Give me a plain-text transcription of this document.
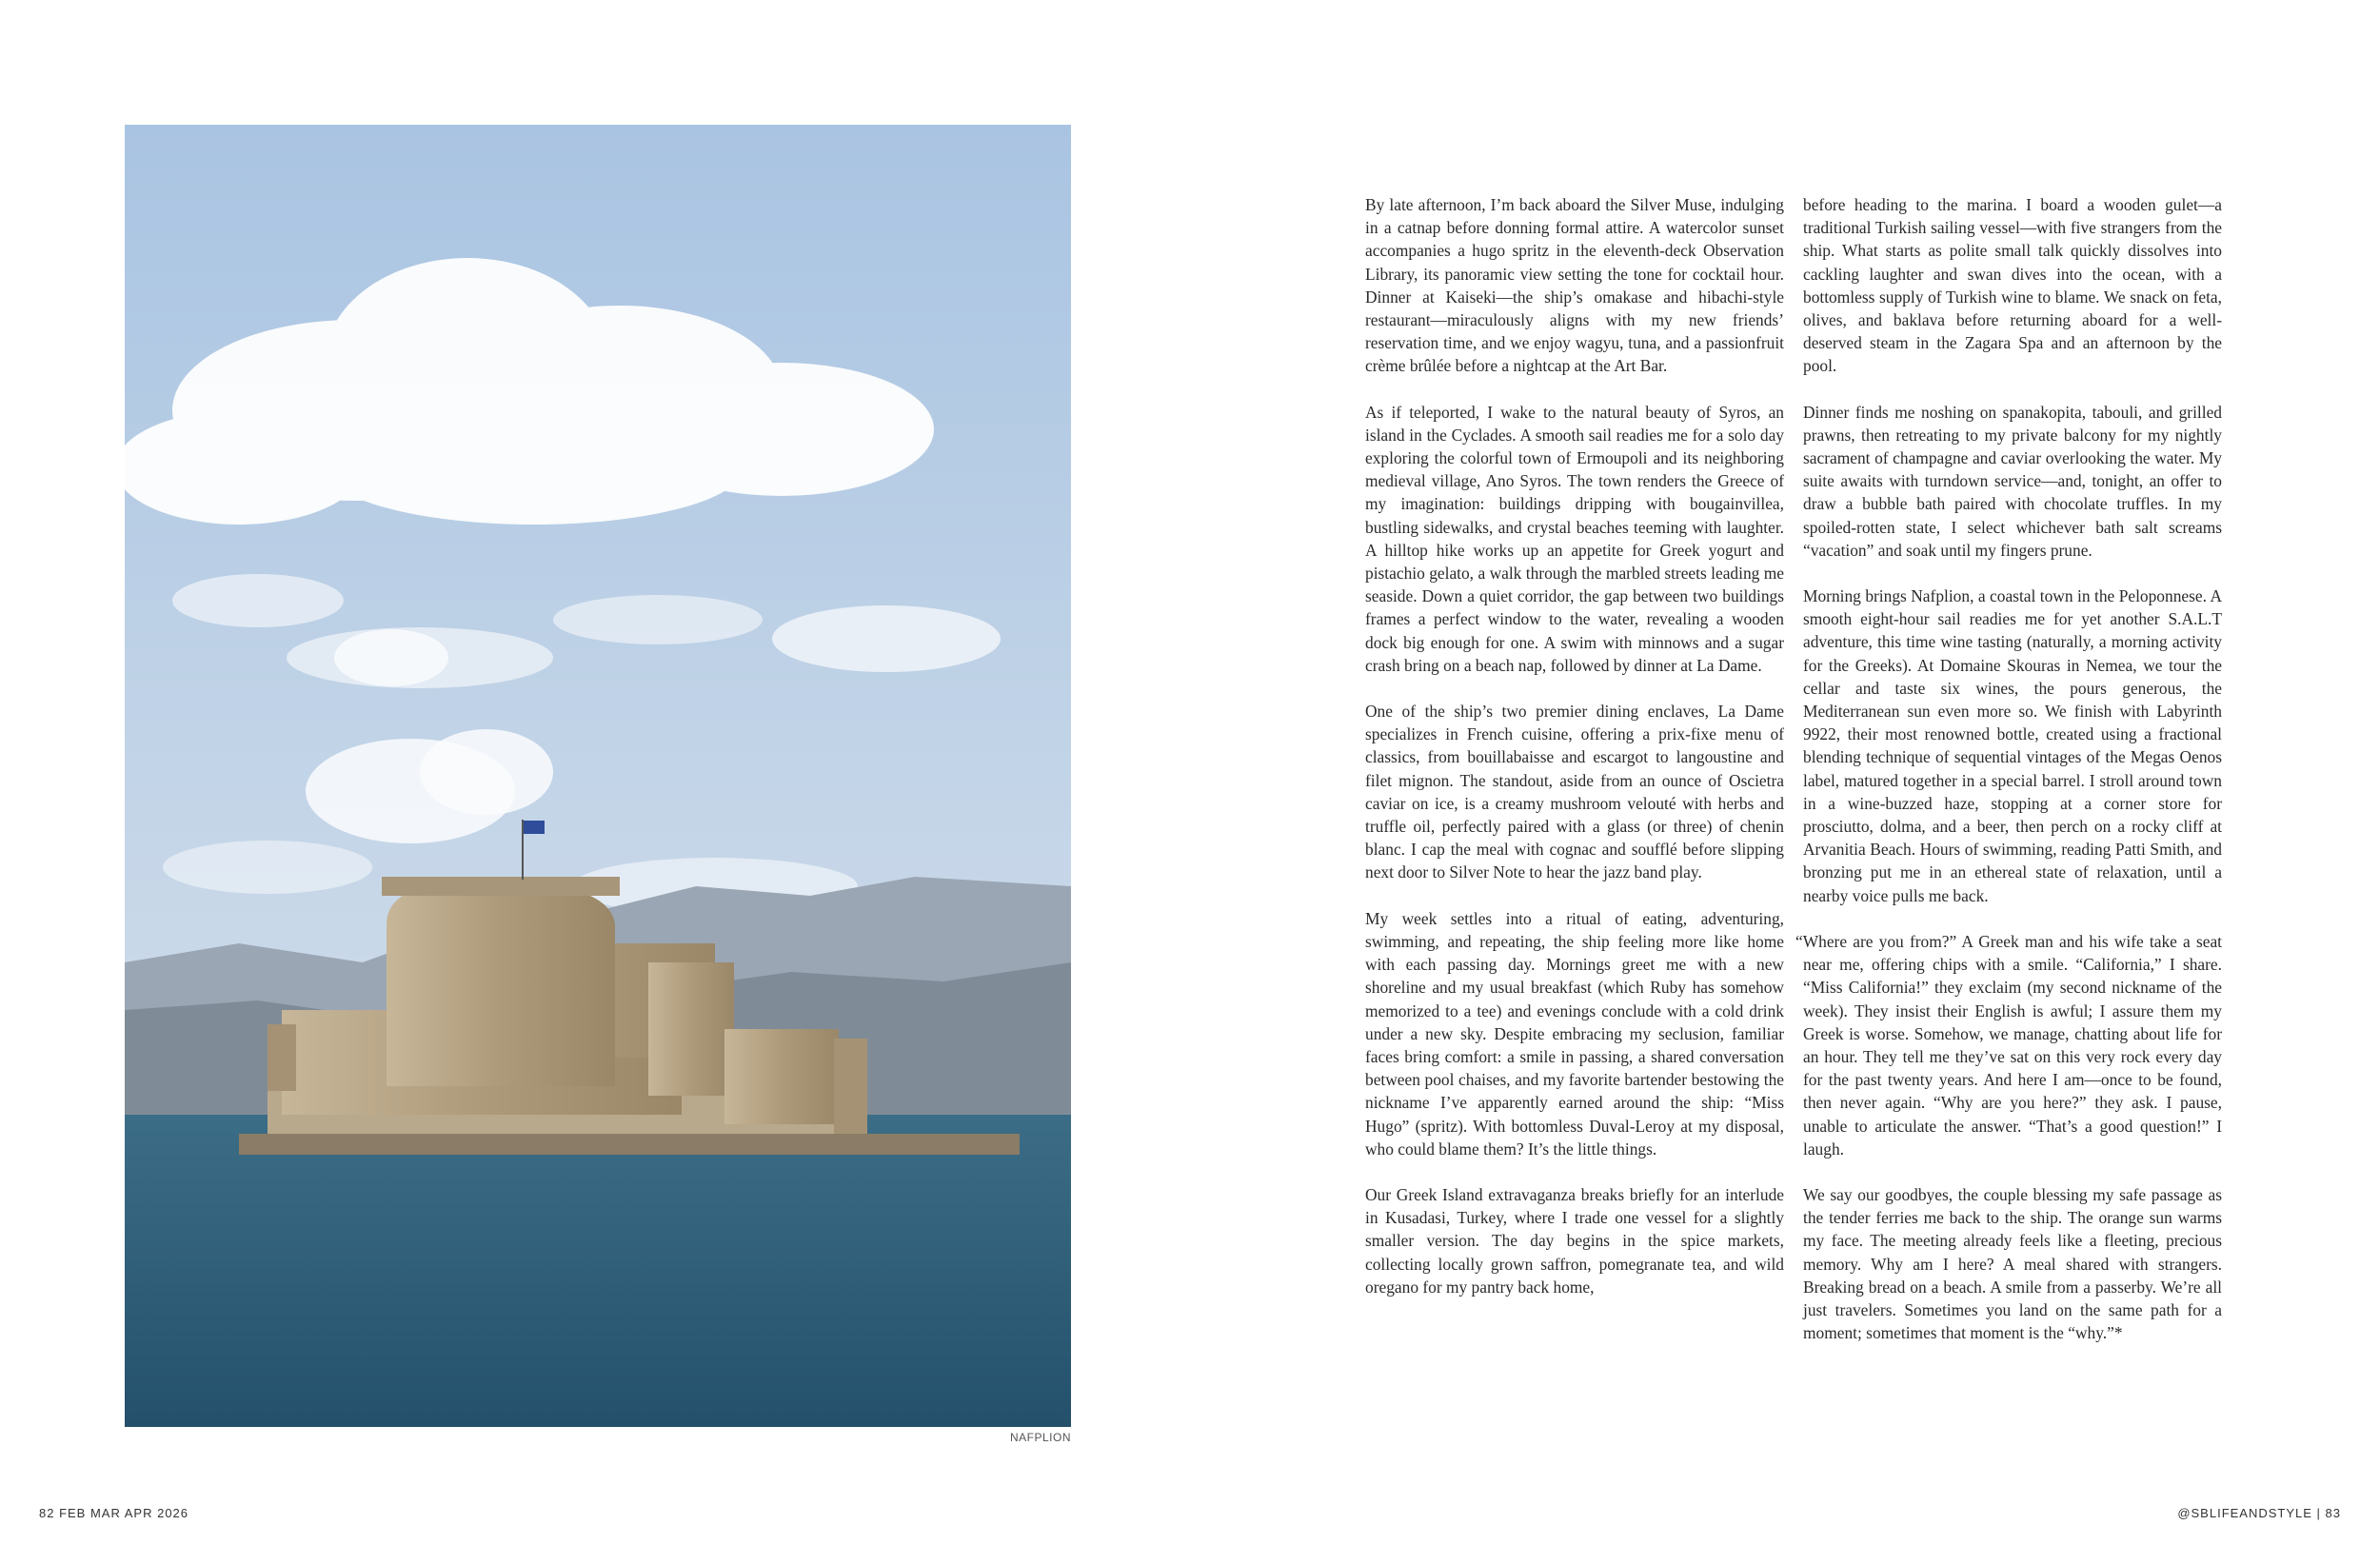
NAFPLION

By late afternoon, I’m back aboard the Silver Muse, indulging in a catnap before donning formal attire. A watercolor sunset accompanies a hugo spritz in the eleventh-deck Observation Library, its panoramic view setting the tone for cocktail hour. Dinner at Kaiseki—the ship’s omakase and hibachi-style restaurant—miraculously aligns with my new friends’ reservation time, and we enjoy wagyu, tuna, and a passionfruit crème brûlée before a nightcap at the Art Bar.

As if teleported, I wake to the natural beauty of Syros, an island in the Cyclades. A smooth sail readies me for a solo day exploring the colorful town of Ermoupoli and its neighboring medieval village, Ano Syros. The town renders the Greece of my imagination: buildings dripping with bougainvillea, bustling sidewalks, and crystal beaches teeming with laughter. A hilltop hike works up an appetite for Greek yogurt and pistachio gelato, a walk through the marbled streets leading me seaside. Down a quiet corridor, the gap between two buildings frames a perfect window to the water, revealing a wooden dock big enough for one. A swim with minnows and a sugar crash bring on a beach nap, followed by dinner at La Dame.

One of the ship’s two premier dining enclaves, La Dame specializes in French cuisine, offering a prix-fixe menu of classics, from bouillabaisse and escargot to langoustine and filet mignon. The standout, aside from an ounce of Oscietra caviar on ice, is a creamy mushroom velouté with herbs and truffle oil, perfectly paired with a glass (or three) of chenin blanc. I cap the meal with cognac and soufflé before slipping next door to Silver Note to hear the jazz band play.

My week settles into a ritual of eating, adventuring, swimming, and repeating, the ship feeling more like home with each passing day. Mornings greet me with a new shoreline and my usual breakfast (which Ruby has somehow memorized to a tee) and evenings conclude with a cold drink under a new sky. Despite embracing my seclusion, familiar faces bring comfort: a smile in passing, a shared conversation between pool chaises, and my favorite bartender bestowing the nickname I’ve apparently earned around the ship: “Miss Hugo” (spritz). With bottomless Duval-Leroy at my disposal, who could blame them? It’s the little things.

Our Greek Island extravaganza breaks briefly for an interlude in Kusadasi, Turkey, where I trade one vessel for a slightly smaller version. The day begins in the spice markets, collecting locally grown saffron, pomegranate tea, and wild oregano for my pantry back home,

before heading to the marina. I board a wooden gulet—a traditional Turkish sailing vessel—with five strangers from the ship. What starts as polite small talk quickly dissolves into cackling laughter and swan dives into the ocean, with a bottomless supply of Turkish wine to blame. We snack on feta, olives, and baklava before returning aboard for a well-deserved steam in the Zagara Spa and an afternoon by the pool.

Dinner finds me noshing on spanakopita, tabouli, and grilled prawns, then retreating to my private balcony for my nightly sacrament of champagne and caviar overlooking the water. My suite awaits with turndown service—and, tonight, an offer to draw a bubble bath paired with chocolate truffles. In my spoiled-rotten state, I select whichever bath salt screams “vacation” and soak until my fingers prune.

Morning brings Nafplion, a coastal town in the Peloponnese. A smooth eight-hour sail readies me for yet another S.A.L.T adventure, this time wine tasting (naturally, a morning activity for the Greeks). At Domaine Skouras in Nemea, we tour the cellar and taste six wines, the pours generous, the Mediterranean sun even more so. We finish with Labyrinth 9922, their most renowned bottle, created using a fractional blending technique of sequential vintages of the Megas Oenos label, matured together in a special barrel. I stroll around town in a wine-buzzed haze, stopping at a corner store for prosciutto, dolma, and a beer, then perch on a rocky cliff at Arvanitia Beach. Hours of swimming, reading Patti Smith, and bronzing put me in an ethereal state of relaxation, until a nearby voice pulls me back.

“Where are you from?” A Greek man and his wife take a seat near me, offering chips with a smile. “California,” I share. “Miss California!” they exclaim (my second nickname of the week). They insist their English is awful; I assure them my Greek is worse. Somehow, we manage, chatting about life for an hour. They tell me they’ve sat on this very rock every day for the past twenty years. And here I am—once to be found, then never again. “Why are you here?” they ask. I pause, unable to articulate the answer. “That’s a good question!” I laugh.

We say our goodbyes, the couple blessing my safe passage as the tender ferries me back to the ship. The orange sun warms my face. The meeting already feels like a fleeting, precious memory. Why am I here? A meal shared with strangers. Breaking bread on a beach. A smile from a passerby. We’re all just travelers. Sometimes you land on the same path for a moment; sometimes that moment is the “why.”*

82 FEB MAR APR 2026	@SBLIFEANDSTYLE | 83
